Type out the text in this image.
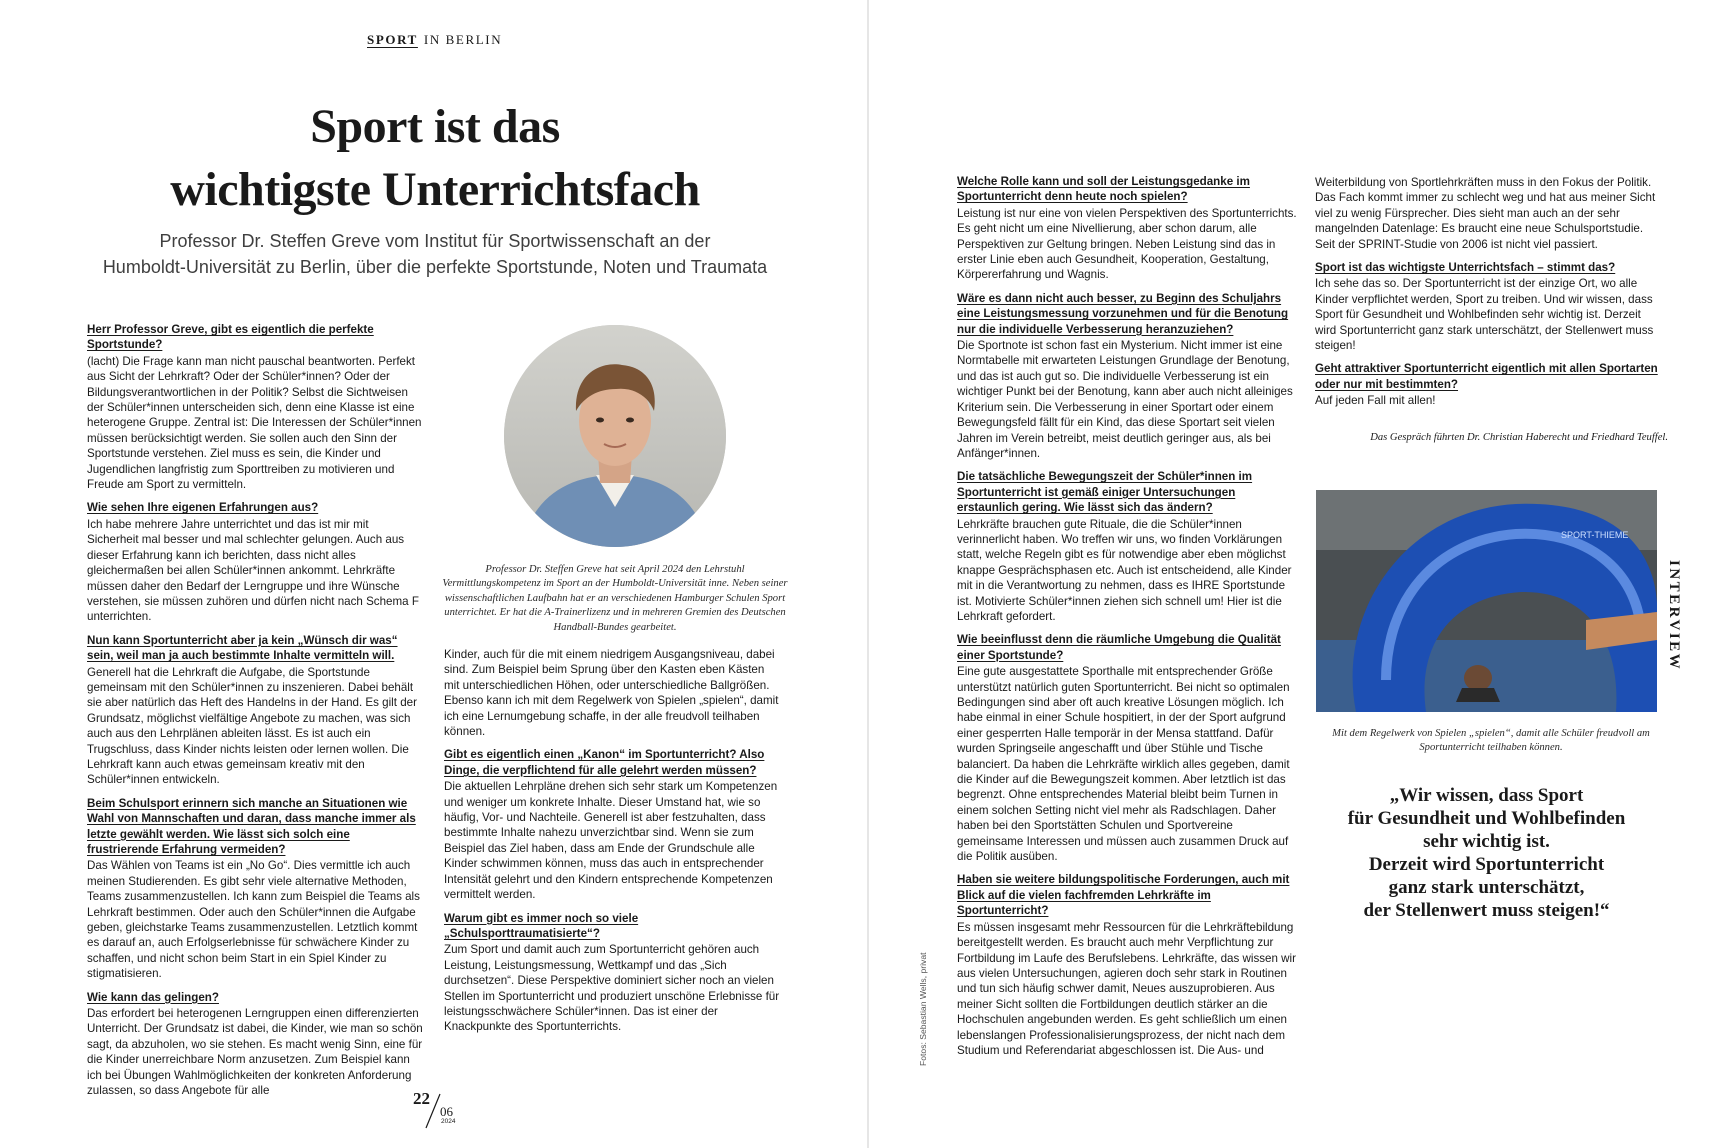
SPORT IN BERLIN
Sport ist das
wichtigste Unterrichtsfach
Professor Dr. Steffen Greve vom Institut für Sportwissenschaft an der
Humboldt-Universität zu Berlin, über die perfekte Sportstunde, Noten und Traumata

Herr Professor Greve, gibt es eigentlich die perfekte Sportstunde?

(lacht) Die Frage kann man nicht pauschal beantworten. Perfekt aus Sicht der Lehrkraft? Oder der Schüler*innen? Oder der Bildungsverantwortlichen in der Politik? Selbst die Sichtweisen der Schüler*innen unterscheiden sich, denn eine Klasse ist eine heterogene Gruppe. Zentral ist: Die Interessen der Schüler*innen müssen berücksichtigt werden. Sie sollen auch den Sinn der Sportstunde verstehen. Ziel muss es sein, die Kinder und Jugendlichen langfristig zum Sporttreiben zu motivieren und Freude am Sport zu vermitteln.

Wie sehen Ihre eigenen Erfahrungen aus?

Ich habe mehrere Jahre unterrichtet und das ist mir mit Sicherheit mal besser und mal schlechter gelungen. Auch aus dieser Erfahrung kann ich berichten, dass nicht alles gleichermaßen bei allen Schüler*innen ankommt. Lehrkräfte müssen daher den Bedarf der Lerngruppe und ihre Wünsche verstehen, sie müssen zuhören und dürfen nicht nach Schema F unterrichten.

Nun kann Sportunterricht aber ja kein „Wünsch dir was“ sein, weil man ja auch bestimmte Inhalte vermitteln will.

Generell hat die Lehrkraft die Aufgabe, die Sportstunde gemeinsam mit den Schüler*innen zu inszenieren. Dabei behält sie aber natürlich das Heft des Handelns in der Hand. Es gilt der Grundsatz, möglichst vielfältige Angebote zu machen, was sich auch aus den Lehrplänen ableiten lässt. Es ist auch ein Trugschluss, dass Kinder nichts leisten oder lernen wollen. Die Lehrkraft kann auch etwas gemeinsam kreativ mit den Schüler*innen entwickeln.

Beim Schulsport erinnern sich manche an Situationen wie Wahl von Mannschaften und daran, dass manche immer als letzte gewählt werden. Wie lässt sich solch eine frustrierende Erfahrung vermeiden?

Das Wählen von Teams ist ein „No Go“. Dies vermittle ich auch meinen Studierenden. Es gibt sehr viele alternative Methoden, Teams zusammenzustellen. Ich kann zum Beispiel die Teams als Lehrkraft bestimmen. Oder auch den Schüler*innen die Aufgabe geben, gleichstarke Teams zusammenzustellen. Letztlich kommt es darauf an, auch Erfolgserlebnisse für schwächere Kinder zu schaffen, und nicht schon beim Start in ein Spiel Kinder zu stigmatisieren.

Wie kann das gelingen?

Das erfordert bei heterogenen Lerngruppen einen differenzierten Unterricht. Der Grundsatz ist dabei, die Kinder, wie man so schön sagt, da abzuholen, wo sie stehen. Es macht wenig Sinn, eine für die Kinder unerreichbare Norm anzusetzen. Zum Beispiel kann ich bei Übungen Wahlmöglichkeiten der konkreten Anforderung zulassen, so dass Angebote für alle

Professor Dr. Steffen Greve hat seit April 2024 den Lehrstuhl Vermittlungskompetenz im Sport an der Humboldt-Universität inne. Neben seiner wissenschaftlichen Laufbahn hat er an verschiedenen Hamburger Schulen Sport unterrichtet. Er hat die A-Trainerlizenz und in mehreren Gremien des Deutschen Handball-Bundes gearbeitet.

Kinder, auch für die mit einem niedrigem Ausgangsniveau, dabei sind. Zum Beispiel beim Sprung über den Kasten eben Kästen mit unterschiedlichen Höhen, oder unterschiedliche Ballgrößen. Ebenso kann ich mit dem Regelwerk von Spielen „spielen“, damit ich eine Lernumgebung schaffe, in der alle freudvoll teilhaben können.

Gibt es eigentlich einen „Kanon“ im Sportunterricht? Also Dinge, die verpflichtend für alle gelehrt werden müssen?

Die aktuellen Lehrpläne drehen sich sehr stark um Kompetenzen und weniger um konkrete Inhalte. Dieser Umstand hat, wie so häufig, Vor- und Nachteile. Generell ist aber festzuhalten, dass bestimmte Inhalte nahezu unverzichtbar sind. Wenn sie zum Beispiel das Ziel haben, dass am Ende der Grundschule alle Kinder schwimmen können, muss das auch in entsprechender Intensität gelehrt und den Kindern entsprechende Kompetenzen vermittelt werden.

Warum gibt es immer noch so viele „Schulsporttraumatisierte“?

Zum Sport und damit auch zum Sportunterricht gehören auch Leistung, Leistungsmessung, Wettkampf und das „Sich durchsetzen“. Diese Perspektive dominiert sicher noch an vielen Stellen im Sportunterricht und produziert unschöne Erlebnisse für leistungsschwächere Schüler*innen. Das ist einer der Knackpunkte des Sportunterrichts.

22
06
2024
Fotos: Sebastian Wells, privat

Welche Rolle kann und soll der Leistungsgedanke im Sportunterricht denn heute noch spielen?

Leistung ist nur eine von vielen Perspektiven des Sportunterrichts. Es geht nicht um eine Nivellierung, aber schon darum, alle Perspektiven zur Geltung bringen. Neben Leistung sind das in erster Linie eben auch Gesundheit, Kooperation, Gestaltung, Körpererfahrung und Wagnis.

Wäre es dann nicht auch besser, zu Beginn des Schuljahrs eine Leistungsmessung vorzunehmen und für die Benotung nur die individuelle Verbesserung heranzuziehen?

Die Sportnote ist schon fast ein Mysterium. Nicht immer ist eine Normtabelle mit erwarteten Leistungen Grundlage der Benotung, und das ist auch gut so. Die individuelle Verbesserung ist ein wichtiger Punkt bei der Benotung, kann aber auch nicht alleiniges Kriterium sein. Die Verbesserung in einer Sportart oder einem Bewegungsfeld fällt für ein Kind, das diese Sportart seit vielen Jahren im Verein betreibt, meist deutlich geringer aus, als bei Anfänger*innen.

Die tatsächliche Bewegungszeit der Schüler*innen im Sportunterricht ist gemäß einiger Untersuchungen erstaunlich gering. Wie lässt sich das ändern?

Lehrkräfte brauchen gute Rituale, die die Schüler*innen verinnerlicht haben. Wo treffen wir uns, wo finden Vorklärungen statt, welche Regeln gibt es für notwendige aber eben möglichst knappe Gesprächsphasen etc. Auch ist entscheidend, alle Kinder mit in die Verantwortung zu nehmen, dass es IHRE Sportstunde ist. Motivierte Schüler*innen ziehen sich schnell um! Hier ist die Lehrkraft gefordert.

Wie beeinflusst denn die räumliche Umgebung die Qualität einer Sportstunde?

Eine gute ausgestattete Sporthalle mit entsprechender Größe unterstützt natürlich guten Sportunterricht. Bei nicht so optimalen Bedingungen sind aber oft auch kreative Lösungen möglich. Ich habe einmal in einer Schule hospitiert, in der der Sport aufgrund einer gesperrten Halle temporär in der Mensa stattfand. Dafür wurden Springseile angeschafft und über Stühle und Tische balanciert. Da haben die Lehrkräfte wirklich alles gegeben, damit die Kinder auf die Bewegungszeit kommen. Aber letztlich ist das begrenzt. Ohne entsprechendes Material bleibt beim Turnen in einem solchen Setting nicht viel mehr als Radschlagen. Daher haben bei den Sportstätten Schulen und Sportvereine gemeinsame Interessen und müssen auch zusammen Druck auf die Politik ausüben.

Haben sie weitere bildungspolitische Forderungen, auch mit Blick auf die vielen fachfremden Lehrkräfte im Sportunterricht?

Es müssen insgesamt mehr Ressourcen für die Lehrkräftebildung bereitgestellt werden. Es braucht auch mehr Verpflichtung zur Fortbildung im Laufe des Berufslebens. Lehrkräfte, das wissen wir aus vielen Untersuchungen, agieren doch sehr stark in Routinen und tun sich häufig schwer damit, Neues auszuprobieren. Aus meiner Sicht sollten die Fortbildungen deutlich stärker an die Hochschulen angebunden werden. Es geht schließlich um einen lebenslangen Professionalisierungsprozess, der nicht nach dem Studium und Referendariat abgeschlossen ist. Die Aus- und

Weiterbildung von Sportlehrkräften muss in den Fokus der Politik. Das Fach kommt immer zu schlecht weg und hat aus meiner Sicht viel zu wenig Fürsprecher. Dies sieht man auch an der sehr mangelnden Datenlage: Es braucht eine neue Schulsportstudie. Seit der SPRINT-Studie von 2006 ist nicht viel passiert.

Sport ist das wichtigste Unterrichtsfach – stimmt das?

Ich sehe das so. Der Sportunterricht ist der einzige Ort, wo alle Kinder verpflichtet werden, Sport zu treiben. Und wir wissen, dass Sport für Gesundheit und Wohlbefinden sehr wichtig ist. Derzeit wird Sportunterricht ganz stark unterschätzt, der Stellenwert muss steigen!

Geht attraktiver Sportunterricht eigentlich mit allen Sportarten oder nur mit bestimmten?

Auf jeden Fall mit allen!

Das Gespräch führten Dr. Christian Haberecht und Friedhard Teuffel.
SPORT-THIEME
Mit dem Regelwerk von Spielen „spielen“, damit alle Schüler freudvoll am Sportunterricht teilhaben können.
„Wir wissen, dass Sport
für Gesundheit und Wohlbefinden
sehr wichtig ist.
Derzeit wird Sportunterricht
ganz stark unterschätzt,
der Stellenwert muss steigen!“
INTERVIEW
